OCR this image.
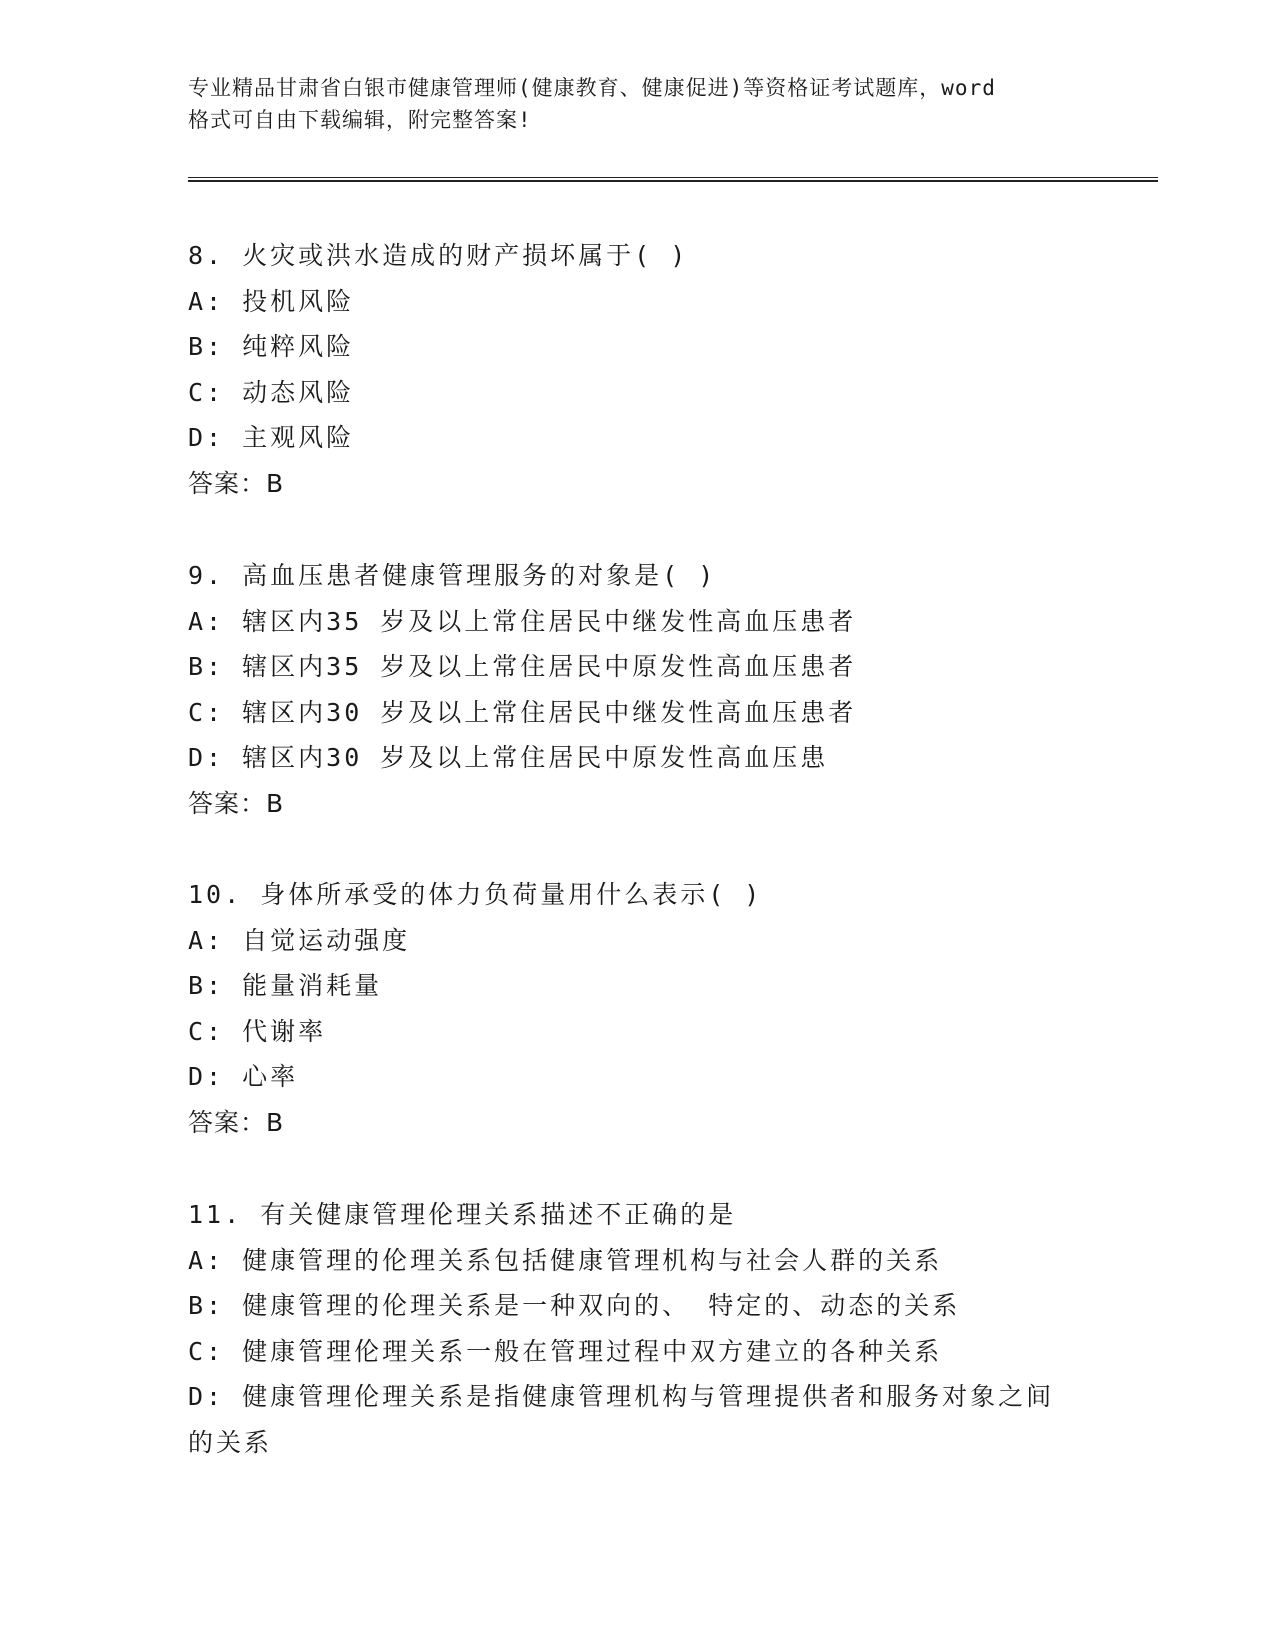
专业精品甘肃省白银市健康管理师(健康教育、健康促进)等资格证考试题库，word
格式可自由下载编辑，附完整答案!
8. 火灾或洪水造成的财产损坏属于( )
A: 投机风险
B: 纯粹风险
C: 动态风险
D: 主观风险
答案：B
9. 高血压患者健康管理服务的对象是( )
A: 辖区内35 岁及以上常住居民中继发性高血压患者
B: 辖区内35 岁及以上常住居民中原发性高血压患者
C: 辖区内30 岁及以上常住居民中继发性高血压患者
D: 辖区内30 岁及以上常住居民中原发性高血压患
答案：B
10. 身体所承受的体力负荷量用什么表示( )
A: 自觉运动强度
B: 能量消耗量
C: 代谢率
D: 心率
答案：B
11. 有关健康管理伦理关系描述不正确的是
A: 健康管理的伦理关系包括健康管理机构与社会人群的关系
B: 健康管理的伦理关系是一种双向的、 特定的、动态的关系
C: 健康管理伦理关系一般在管理过程中双方建立的各种关系
D: 健康管理伦理关系是指健康管理机构与管理提供者和服务对象之间
的关系
